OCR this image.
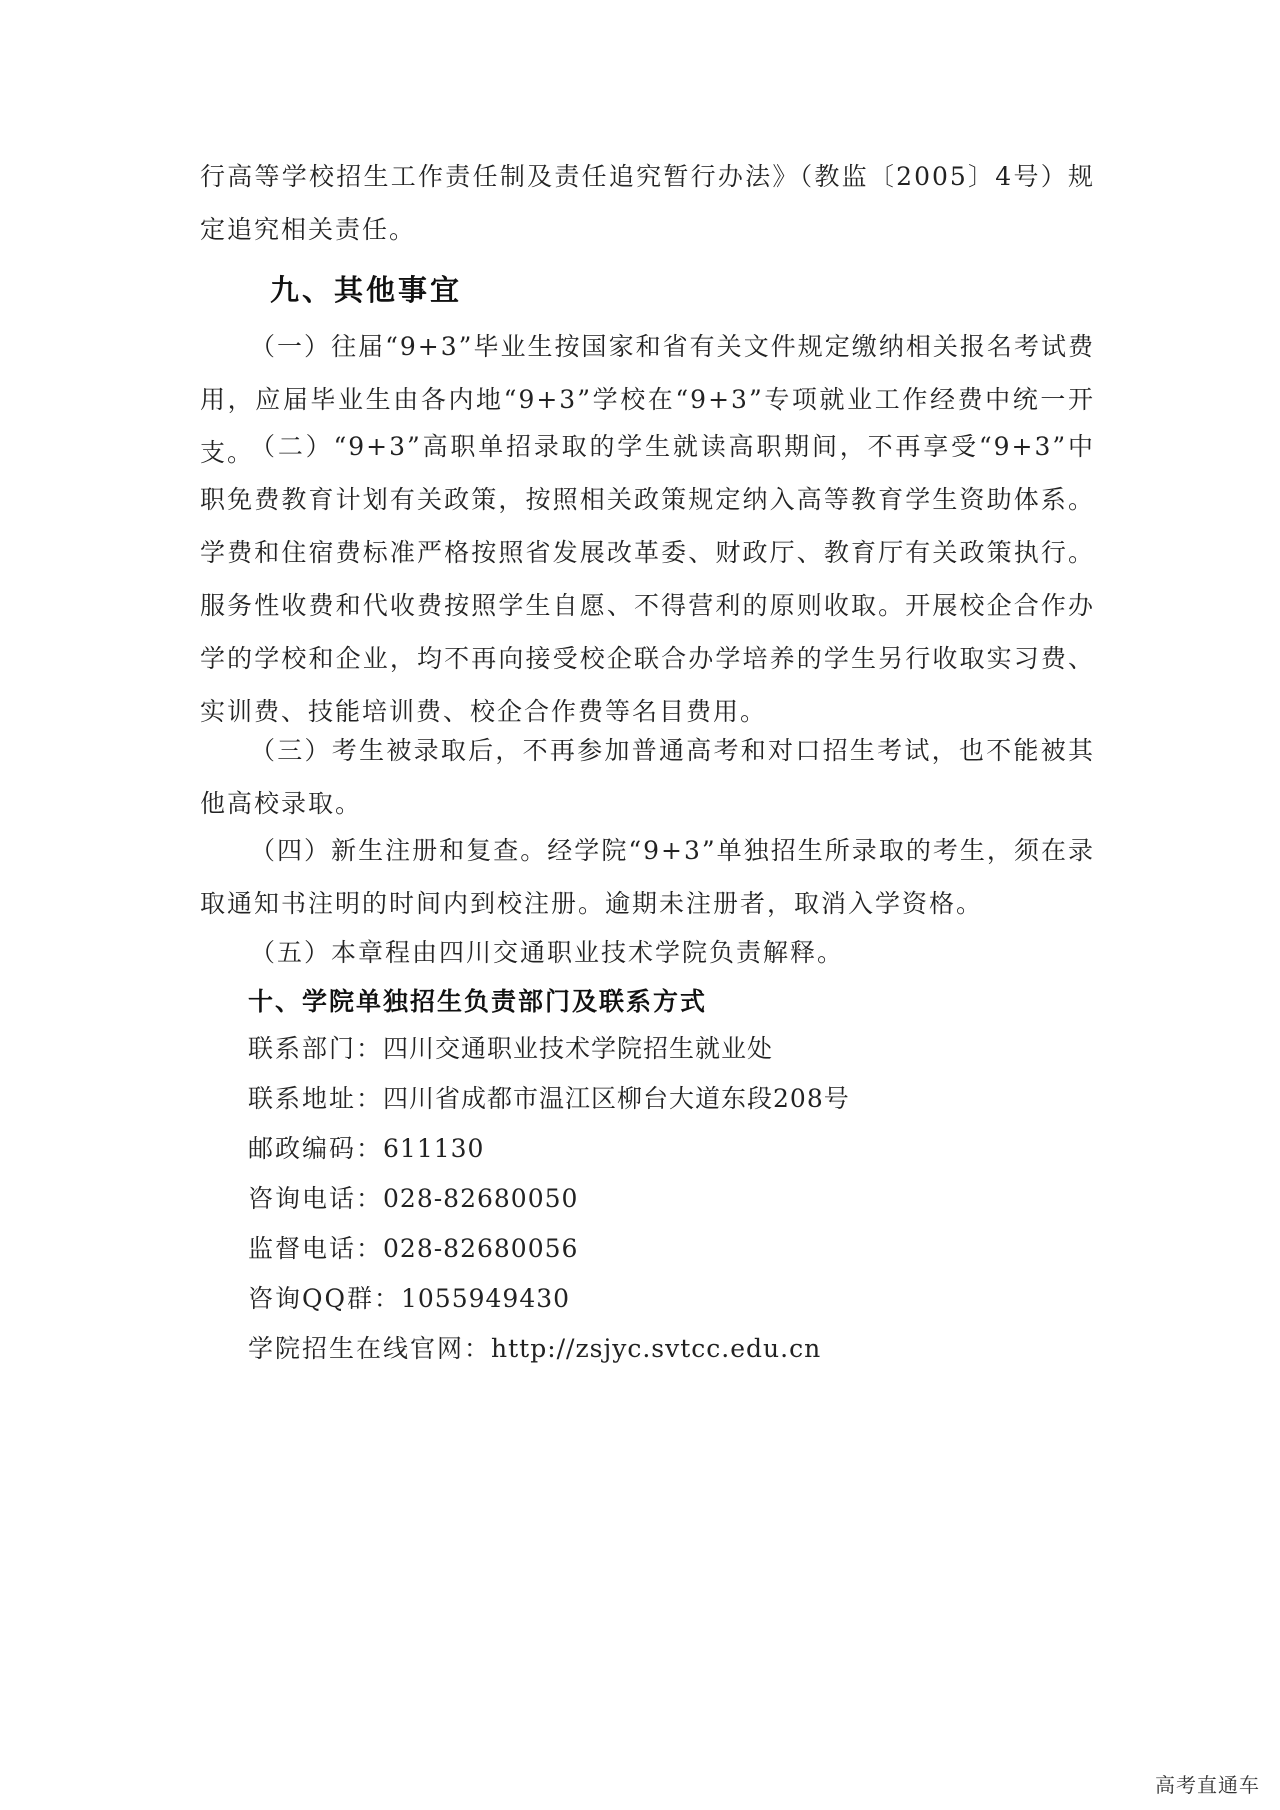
行高等学校招生工作责任制及责任追究暂行办法》（教监〔2005〕4号）规定追究相关责任。

九、其他事宜

（一）往届“9+3”毕业生按国家和省有关文件规定缴纳相关报名考试费用，应届毕业生由各内地“9+3”学校在“9+3”专项就业工作经费中统一开支。

（二）“9+3”高职单招录取的学生就读高职期间，不再享受“9+3”中职免费教育计划有关政策，按照相关政策规定纳入高等教育学生资助体系。学费和住宿费标准严格按照省发展改革委、财政厅、教育厅有关政策执行。服务性收费和代收费按照学生自愿、不得营利的原则收取。开展校企合作办学的学校和企业，均不再向接受校企联合办学培养的学生另行收取实习费、实训费、技能培训费、校企合作费等名目费用。

（三）考生被录取后，不再参加普通高考和对口招生考试，也不能被其他高校录取。

（四）新生注册和复查。经学院“9+3”单独招生所录取的考生，须在录取通知书注明的时间内到校注册。逾期未注册者，取消入学资格。

（五）本章程由四川交通职业技术学院负责解释。

十、学院单独招生负责部门及联系方式
联系部门：四川交通职业技术学院招生就业处
联系地址：四川省成都市温江区柳台大道东段208号
邮政编码：611130
咨询电话：028-82680050
监督电话：028-82680056
咨询QQ群：1055949430
学院招生在线官网：http://zsjyc.svtcc.edu.cn
高考直通车
